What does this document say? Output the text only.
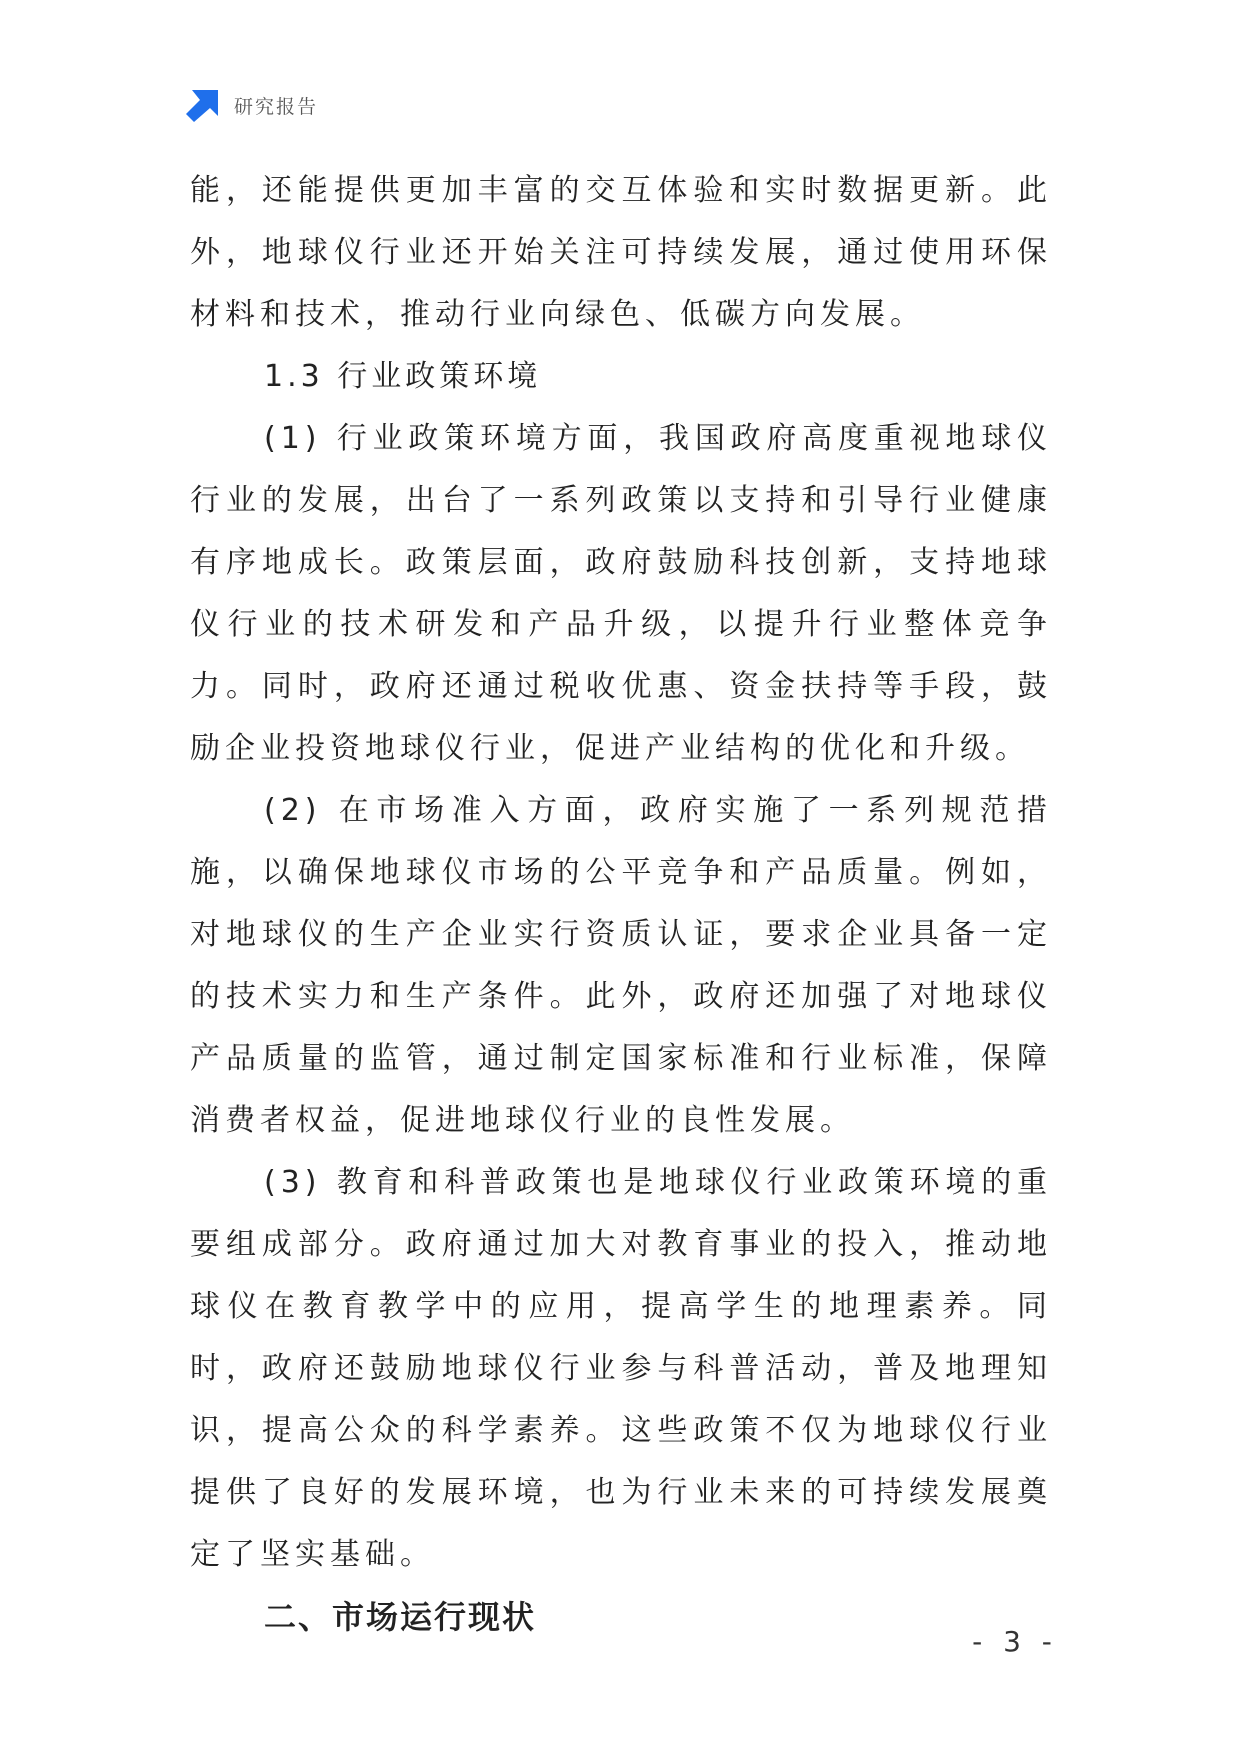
研究报告

能，还能提供更加丰富的交互体验和实时数据更新。此外，地球仪行业还开始关注可持续发展，通过使用环保材料和技术，推动行业向绿色、低碳方向发展。

1.3 行业政策环境

(1) 行业政策环境方面，我国政府高度重视地球仪行业的发展，出台了一系列政策以支持和引导行业健康有序地成长。政策层面，政府鼓励科技创新，支持地球仪行业的技术研发和产品升级，以提升行业整体竞争力。同时，政府还通过税收优惠、资金扶持等手段，鼓励企业投资地球仪行业，促进产业结构的优化和升级。

(2) 在市场准入方面，政府实施了一系列规范措施，以确保地球仪市场的公平竞争和产品质量。例如，对地球仪的生产企业实行资质认证，要求企业具备一定的技术实力和生产条件。此外，政府还加强了对地球仪产品质量的监管，通过制定国家标准和行业标准，保障消费者权益，促进地球仪行业的良性发展。

(3) 教育和科普政策也是地球仪行业政策环境的重要组成部分。政府通过加大对教育事业的投入，推动地球仪在教育教学中的应用，提高学生的地理素养。同时，政府还鼓励地球仪行业参与科普活动，普及地理知识，提高公众的科学素养。这些政策不仅为地球仪行业提供了良好的发展环境，也为行业未来的可持续发展奠定了坚实基础。

二、市场运行现状

- 3 -
